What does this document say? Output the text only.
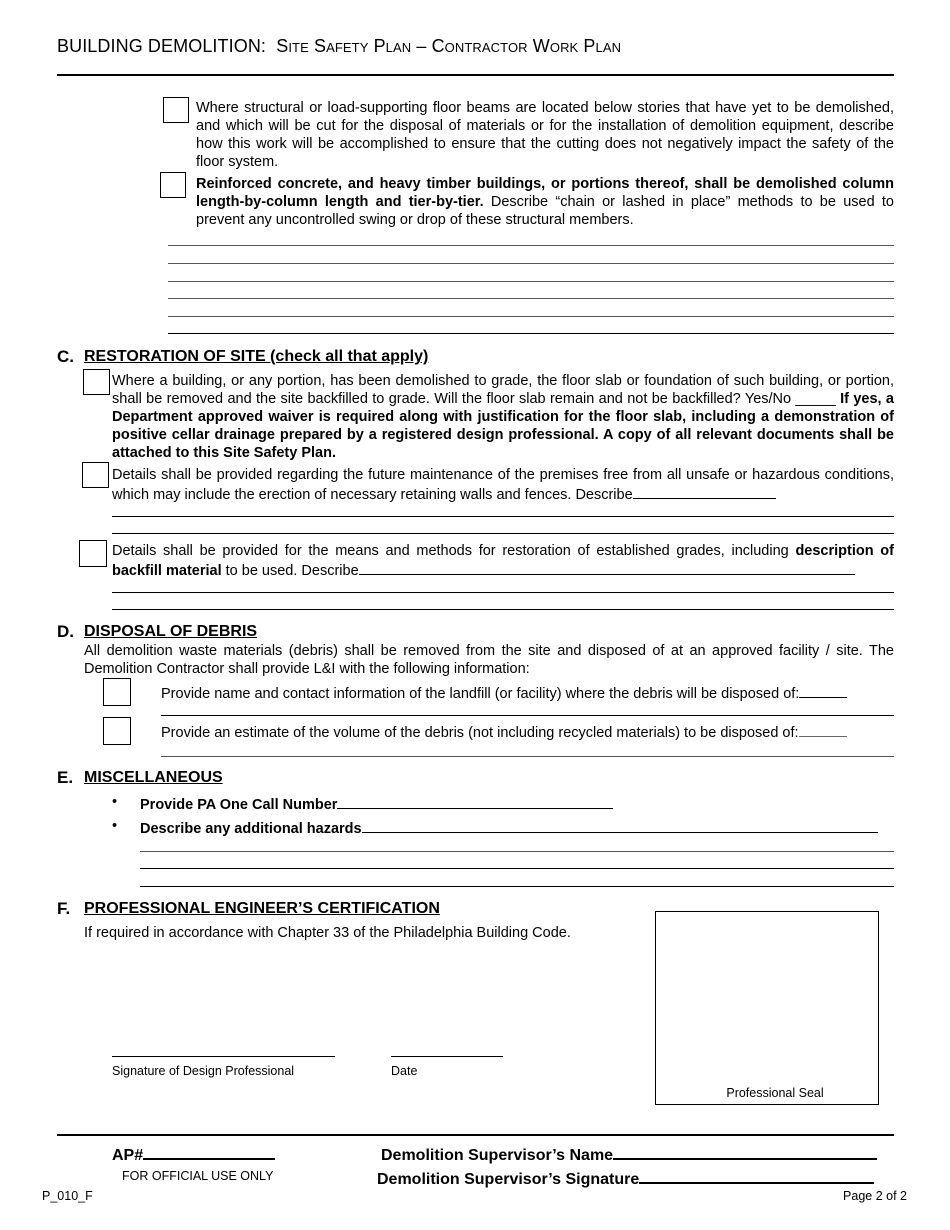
BUILDING DEMOLITION: Site Safety Plan – Contractor Work Plan
Where structural or load-supporting floor beams are located below stories that have yet to be demolished, and which will be cut for the disposal of materials or for the installation of demolition equipment, describe how this work will be accomplished to ensure that the cutting does not negatively impact the safety of the floor system.
Reinforced concrete, and heavy timber buildings, or portions thereof, shall be demolished column length-by-column length and tier-by-tier. Describe “chain or lashed in place” methods to be used to prevent any uncontrolled swing or drop of these structural members.
C. RESTORATION OF SITE (check all that apply)
Where a building, or any portion, has been demolished to grade, the floor slab or foundation of such building, or portion, shall be removed and the site backfilled to grade. Will the floor slab remain and not be backfilled? Yes/No _____ If yes, a Department approved waiver is required along with justification for the floor slab, including a demonstration of positive cellar drainage prepared by a registered design professional. A copy of all relevant documents shall be attached to this Site Safety Plan.
Details shall be provided regarding the future maintenance of the premises free from all unsafe or hazardous conditions, which may include the erection of necessary retaining walls and fences. Describe
Details shall be provided for the means and methods for restoration of established grades, including description of backfill material to be used. Describe
D. DISPOSAL OF DEBRIS
All demolition waste materials (debris) shall be removed from the site and disposed of at an approved facility / site. The Demolition Contractor shall provide L&I with the following information:
Provide name and contact information of the landfill (or facility) where the debris will be disposed of:
Provide an estimate of the volume of the debris (not including recycled materials) to be disposed of:
E. MISCELLANEOUS
• Provide PA One Call Number
• Describe any additional hazards
F. PROFESSIONAL ENGINEER’S CERTIFICATION
If required in accordance with Chapter 33 of the Philadelphia Building Code.
Signature of Design Professional	Date
Professional Seal
AP#
FOR OFFICIAL USE ONLY
Demolition Supervisor’s Name
Demolition Supervisor’s Signature
P_010_F	Page 2 of 2
